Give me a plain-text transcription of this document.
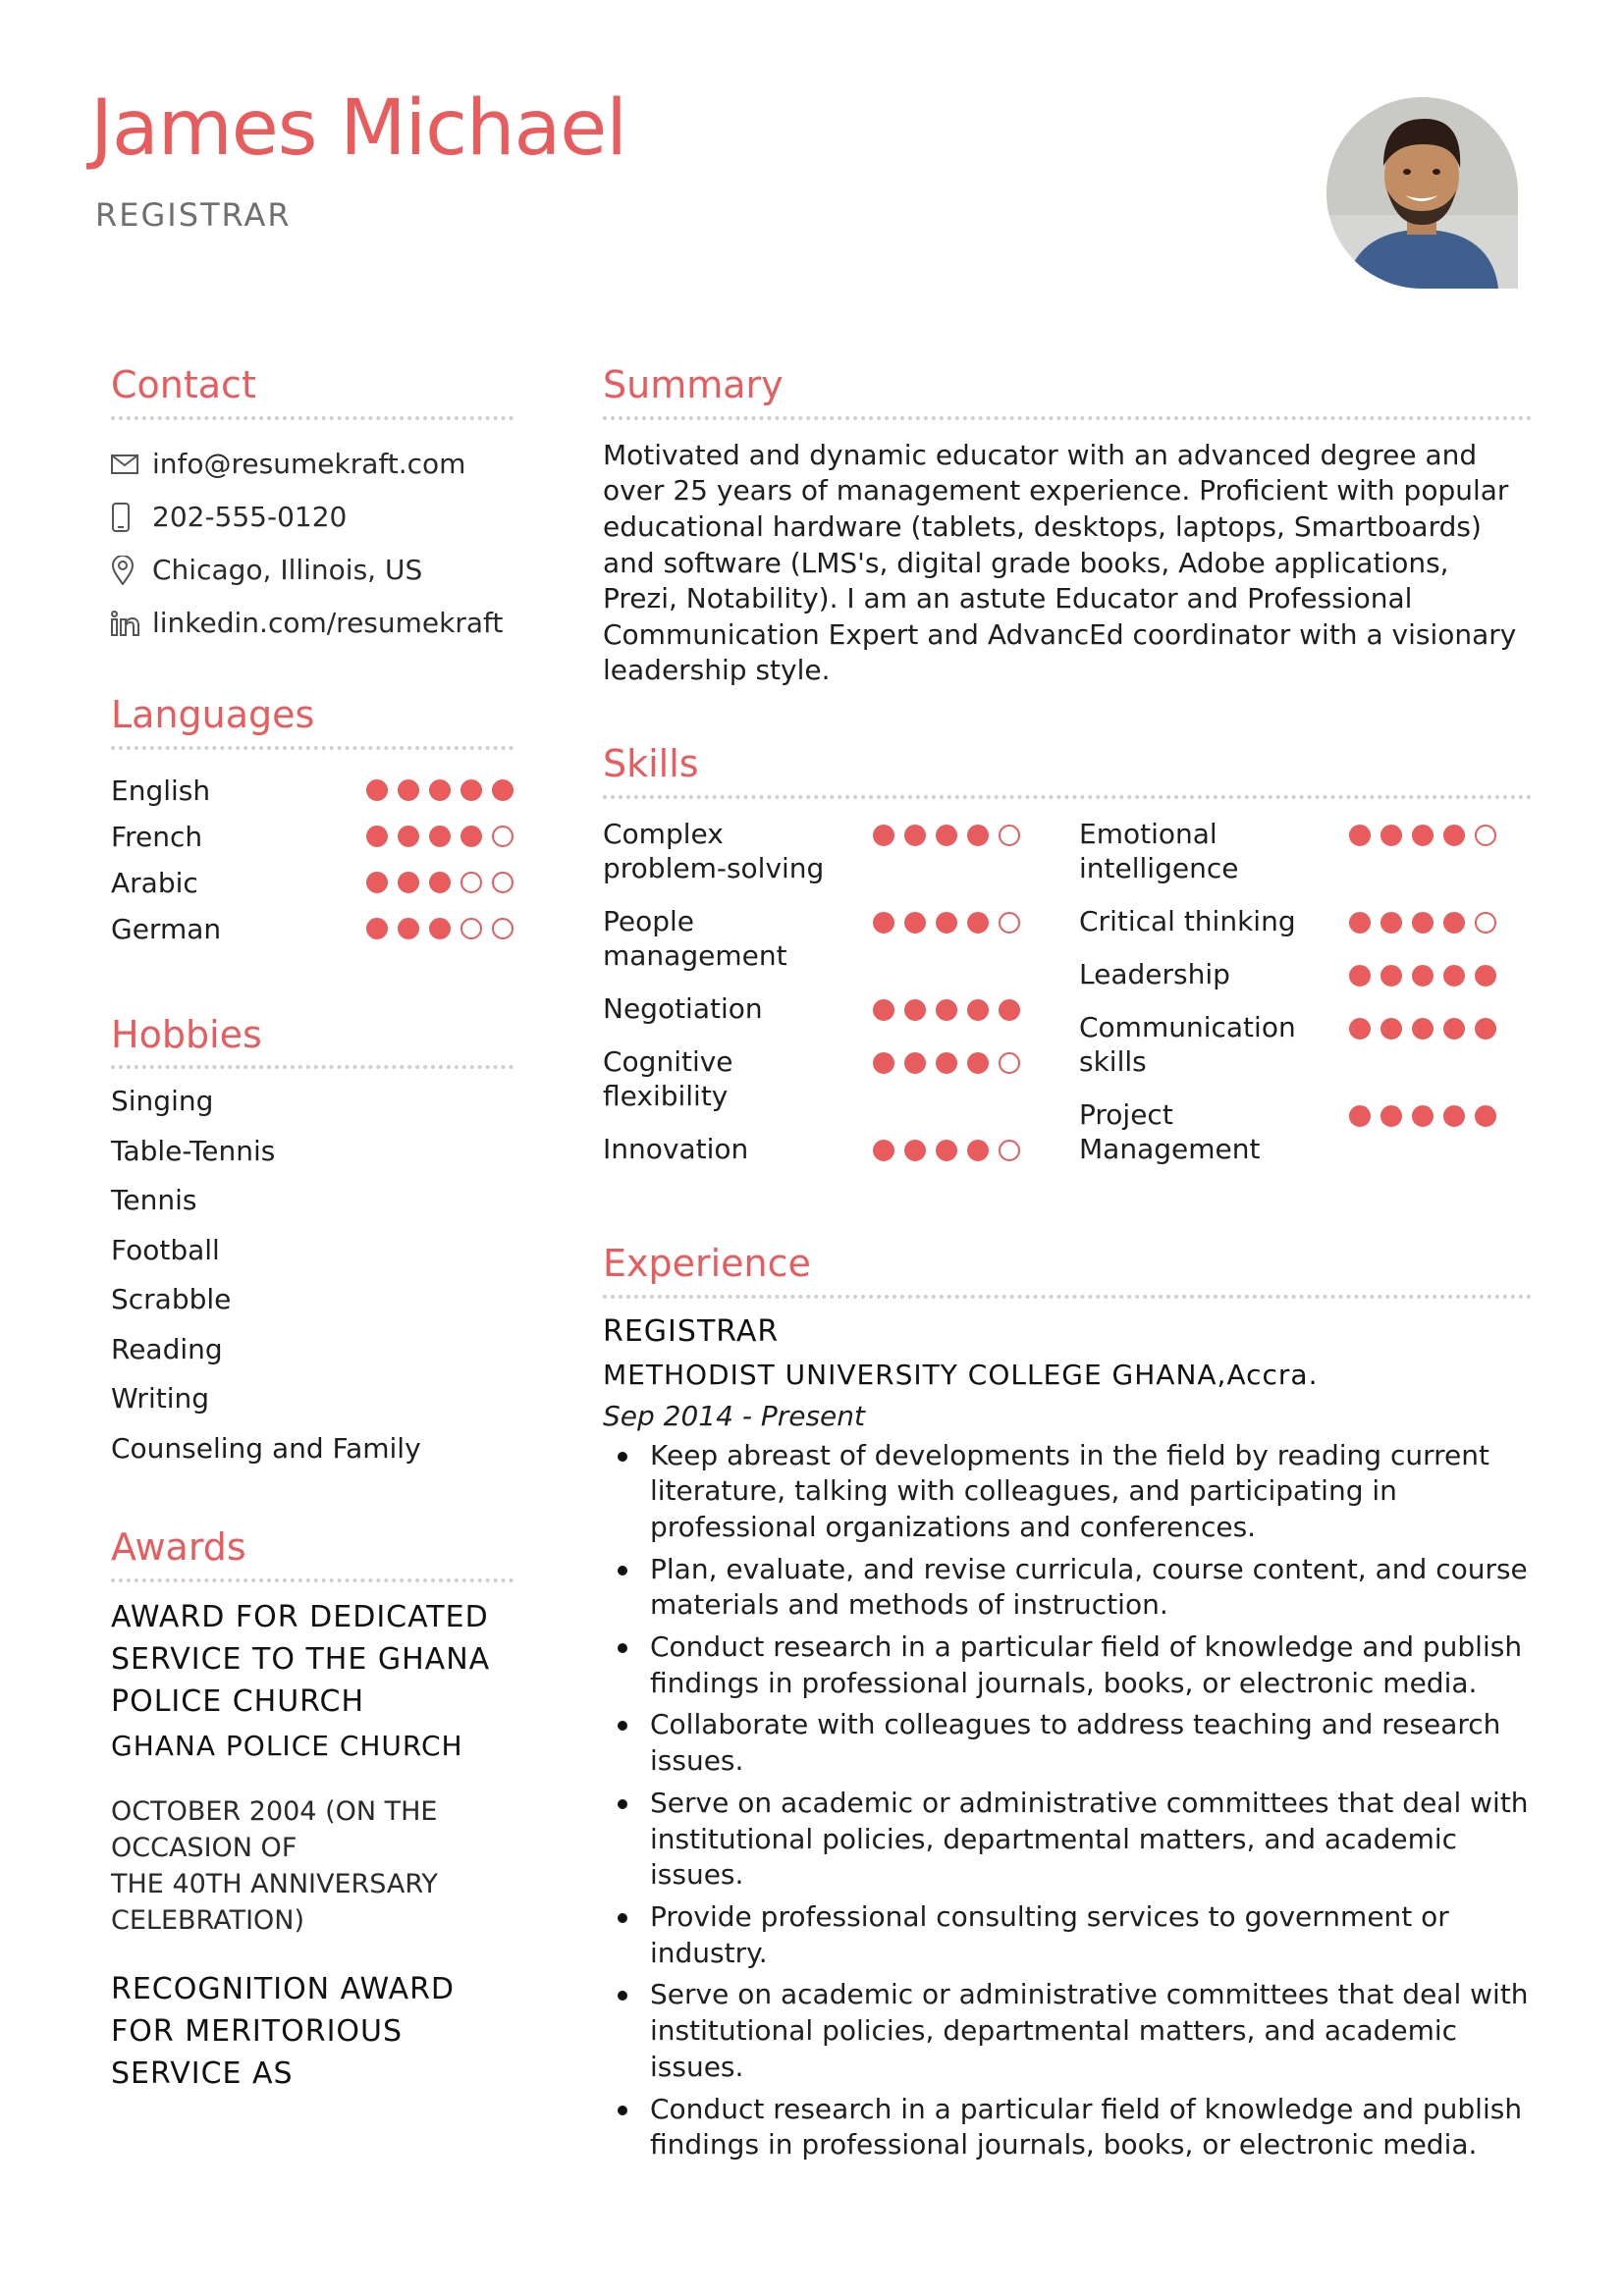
James Michael
REGISTRAR
Contact
info@resumekraft.com
202-555-0120
Chicago, Illinois, US
linkedin.com/resumekraft
Languages
English
French
Arabic
German
Hobbies
Singing
Table-Tennis
Tennis
Football
Scrabble
Reading
Writing
Counseling and Family
Awards
AWARD FOR DEDICATED SERVICE TO THE GHANA POLICE CHURCH
GHANA POLICE CHURCH
OCTOBER 2004 (ON THE OCCASION OF
THE 40TH ANNIVERSARY CELEBRATION)
RECOGNITION AWARD FOR MERITORIOUS SERVICE AS
Summary

Motivated and dynamic educator with an advanced degree and over 25 years of management experience. Proficient with popular educational hardware (tablets, desktops, laptops, Smartboards) and software (LMS's, digital grade books, Adobe applications, Prezi, Notability). I am an astute Educator and Professional Communication Expert and AdvancEd coordinator with a visionary leadership style.

Skills
Complex problem-solving
People management
Negotiation
Cognitive flexibility
Innovation
Emotional intelligence
Critical thinking
Leadership
Communication skills
Project Management
Experience
REGISTRAR
METHODIST UNIVERSITY COLLEGE GHANA,Accra.
Sep 2014 - Present
Keep abreast of developments in the field by reading current literature, talking with colleagues, and participating in professional organizations and conferences.
Plan, evaluate, and revise curricula, course content, and course materials and methods of instruction.
Conduct research in a particular field of knowledge and publish findings in professional journals, books, or electronic media.
Collaborate with colleagues to address teaching and research issues.
Serve on academic or administrative committees that deal with institutional policies, departmental matters, and academic issues.
Provide professional consulting services to government or industry.
Serve on academic or administrative committees that deal with institutional policies, departmental matters, and academic issues.
Conduct research in a particular field of knowledge and publish findings in professional journals, books, or electronic media.
